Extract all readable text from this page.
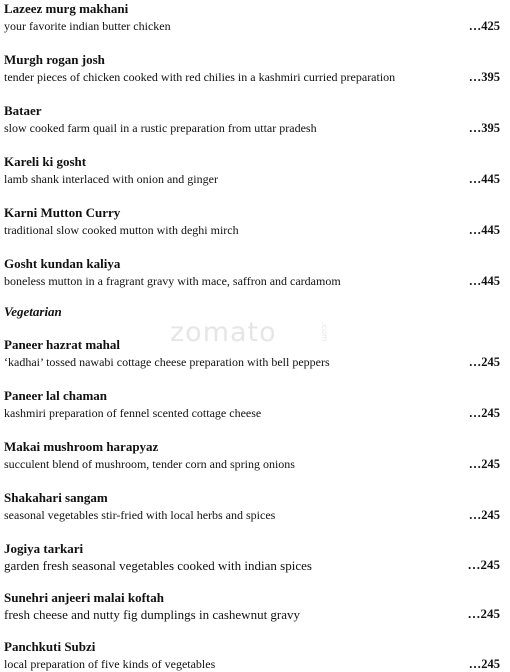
Lazeez murg makhani
your favorite indian butter chicken	…425
Murgh rogan josh
tender pieces of chicken cooked with red chilies in a kashmiri curried preparation	…395
Bataer
slow cooked farm quail in a rustic preparation from uttar pradesh	…395
Kareli ki gosht
lamb shank interlaced with onion and ginger	…445
Karni Mutton Curry
traditional slow cooked mutton with deghi mirch	…445
Gosht kundan kaliya
boneless mutton in a fragrant gravy with mace, saffron and cardamom	…445
Vegetarian
zomato	.com
Paneer hazrat mahal
‘kadhai’ tossed nawabi cottage cheese preparation with bell peppers	…245
Paneer lal chaman
kashmiri preparation of fennel scented cottage cheese	…245
Makai mushroom harapyaz
succulent blend of mushroom, tender corn and spring onions	…245
Shakahari sangam
seasonal vegetables stir-fried with local herbs and spices	…245
Jogiya tarkari
garden fresh seasonal vegetables cooked with indian spices	…245
Sunehri anjeeri malai koftah
fresh cheese and nutty fig dumplings in cashewnut gravy	…245
Panchkuti Subzi
local preparation of five kinds of vegetables	…245
